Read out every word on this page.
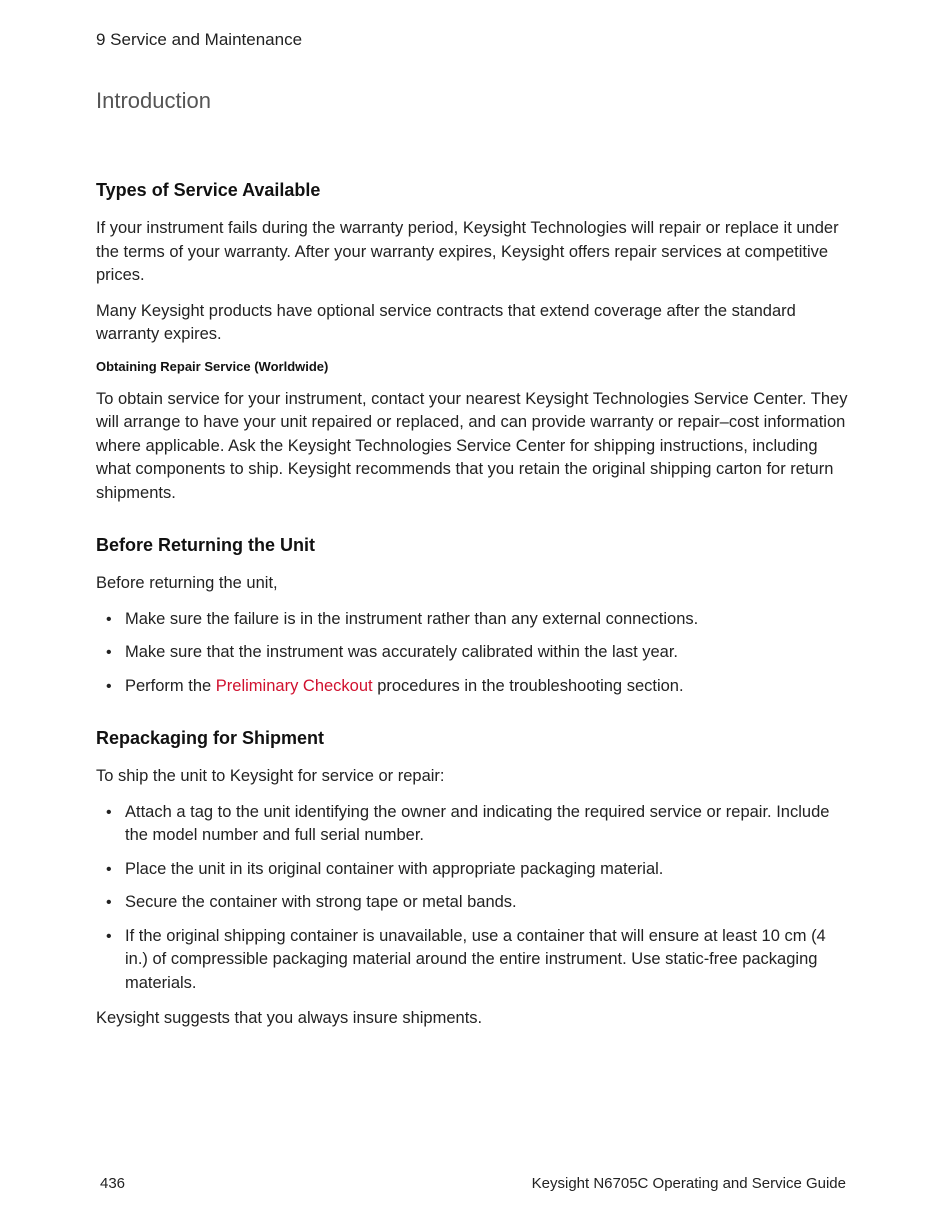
9 Service and Maintenance
Introduction
Types of Service Available

If your instrument fails during the warranty period, Keysight Technologies will repair or replace it under the terms of your warranty. After your warranty expires, Keysight offers repair services at competitive prices.

Many Keysight products have optional service contracts that extend coverage after the standard warranty expires.

Obtaining Repair Service (Worldwide)

To obtain service for your instrument, contact your nearest Keysight Technologies Service Center. They will arrange to have your unit repaired or replaced, and can provide warranty or repair–cost information where applicable. Ask the Keysight Technologies Service Center for shipping instructions, including what components to ship. Keysight recommends that you retain the original shipping carton for return shipments.

Before Returning the Unit

Before returning the unit,

• Make sure the failure is in the instrument rather than any external connections.
• Make sure that the instrument was accurately calibrated within the last year.
• Perform the Preliminary Checkout procedures in the troubleshooting section.
Repackaging for Shipment

To ship the unit to Keysight for service or repair:

• Attach a tag to the unit identifying the owner and indicating the required service or repair. Include the model number and full serial number.
• Place the unit in its original container with appropriate packaging material.
• Secure the container with strong tape or metal bands.
• If the original shipping container is unavailable, use a container that will ensure at least 10 cm (4 in.) of compressible packaging material around the entire instrument. Use static-free packaging materials.

Keysight suggests that you always insure shipments.

436	Keysight N6705C Operating and Service Guide
